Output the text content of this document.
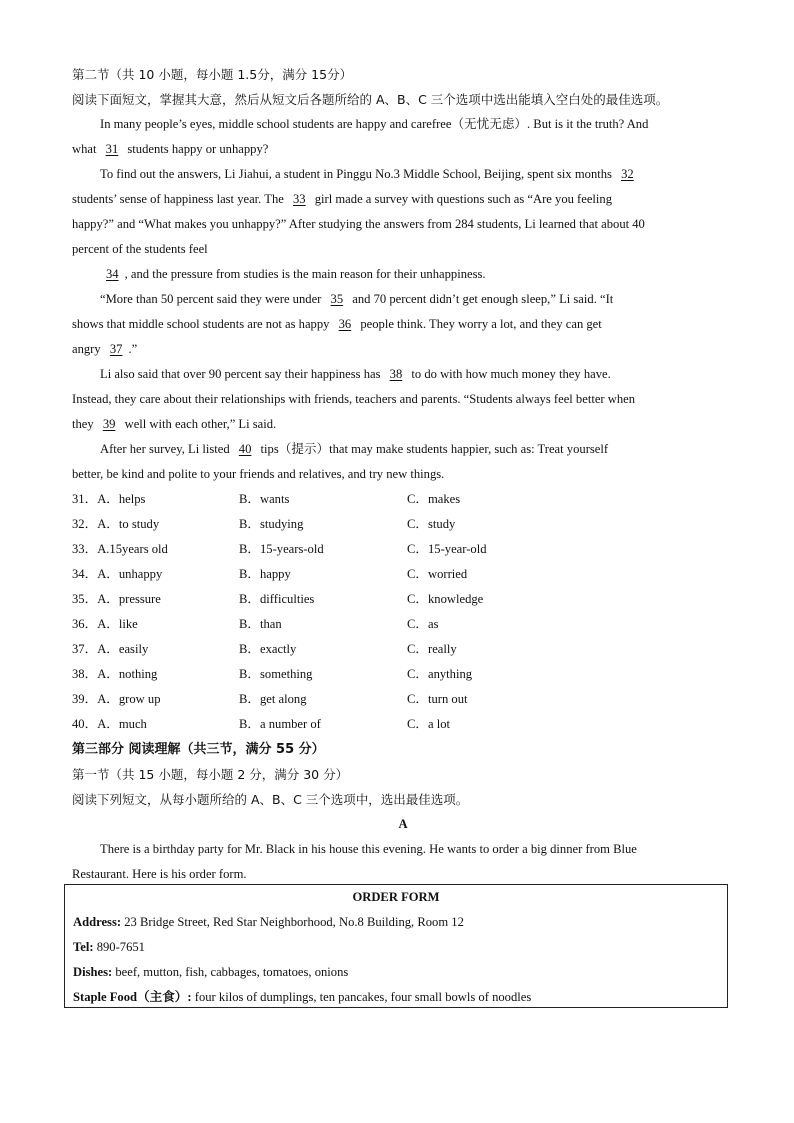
第二节（共 10 小题，每小题 1.5分，满分 15分）
阅读下面短文，掌握其大意，然后从短文后各题所给的 A、B、C 三个选项中选出能填入空白处的最佳选项。
In many people’s eyes, middle school students are happy and carefree（无忧无虑）. But is it the truth? And
what 31 students happy or unhappy?
To find out the answers, Li Jiahui, a student in Pinggu No.3 Middle School, Beijing, spent six months 32
students’ sense of happiness last year. The 33 girl made a survey with questions such as “Are you feeling
happy?” and “What makes you unhappy?” After studying the answers from 284 students, Li learned that about 40
percent of the students feel
34 , and the pressure from studies is the main reason for their unhappiness.
“More than 50 percent said they were under 35 and 70 percent didn’t get enough sleep,” Li said. “It
shows that middle school students are not as happy 36 people think. They worry a lot, and they can get
angry 37 .”
Li also said that over 90 percent say their happiness has 38 to do with how much money they have.
Instead, they care about their relationships with friends, teachers and parents. “Students always feel better when
they 39 well with each other,” Li said.
After her survey, Li listed 40 tips（提示）that may make students happier, such as: Treat yourself
better, be kind and polite to your friends and relatives, and try new things.
31．A．helps	B．wants	C．makes
32．A．to study	B．studying	C．study
33．A.15years old	B．15-years-old	C．15-year-old
34．A．unhappy	B．happy	C．worried
35．A．pressure	B．difficulties	C．knowledge
36．A．like	B．than	C．as
37．A．easily	B．exactly	C．really
38．A．nothing	B．something	C．anything
39．A．grow up	B．get along	C．turn out
40．A．much	B．a number of	C．a lot
第三部分 阅读理解（共三节，满分 55 分）
第一节（共 15 小题，每小题 2 分，满分 30 分）
阅读下列短文，从每小题所给的 A、B、C 三个选项中，选出最佳选项。
A
There is a birthday party for Mr. Black in his house this evening. He wants to order a big dinner from Blue
Restaurant. Here is his order form.
ORDER FORM
Address: 23 Bridge Street, Red Star Neighborhood, No.8 Building, Room 12
Tel: 890-7651
Dishes: beef, mutton, fish, cabbages, tomatoes, onions
Staple Food（主食）: four kilos of dumplings, ten pancakes, four small bowls of noodles
